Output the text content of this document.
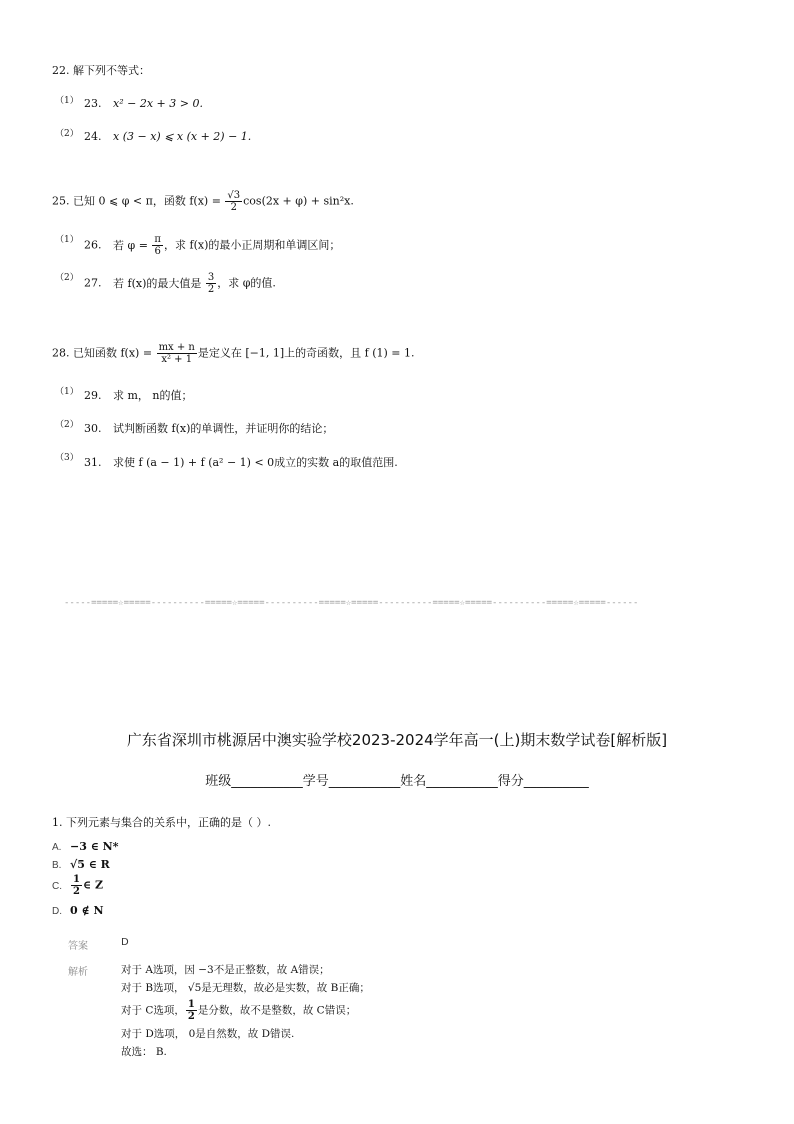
22. 解下列不等式：
（1） 23. x² − 2x + 3 > 0.
（2） 24. x (3 − x) ⩽ x (x + 2) − 1.
25. 已知 0 ⩽ φ < π，函数 $f(x) = \frac{√3}{2} \cos(2x + \varphi) + \sin^2x$.
（1） 26. 若 $\varphi = \frac{\pi}{6}$ ，求 f(x)的最小正周期和单调区间；
（2） 27. 若 f(x)的最大值是 $\frac{3}{2}$ ，求 φ的值.
28. 已知函数 $f(x) = \frac{mx + n}{\text{x² + 1}}$ 是定义在 [−1, 1]上的奇函数，且 f (1) = 1.
（1） 29. 求 m， n的值；
（2） 30. 试判断函数 f(x)的单调性，并证明你的结论；
（3） 31. 求使 f (a − 1) + f (a² − 1) < 0成立的实数 a的取值范围.
-----=====☆=====----------=====☆=====----------=====☆=====----------=====☆=====----------=====☆=====------
广东省深圳市桃源居中澳实验学校2023-2024学年高一(上)期末数学试卷[解析版]
班级___________学号___________姓名___________得分__________
1. 下列元素与集合的关系中，正确的是（ ）.
A. −3 ∈ N*
B. √5 ∈ R
C. $\frac{1}{2}$ ∈ Z
D. 0 ∉ N
答案	D
解析	对于 A选项，因 −3不是正整数，故 A错误；
对于 B选项， √5是无理数，故必是实数，故 B正确；
对于 C选项， $\frac{1}{2}$ 是分数，故不是整数，故 C错误；
对于 D选项， 0是自然数，故 D错误.
故选： B.
